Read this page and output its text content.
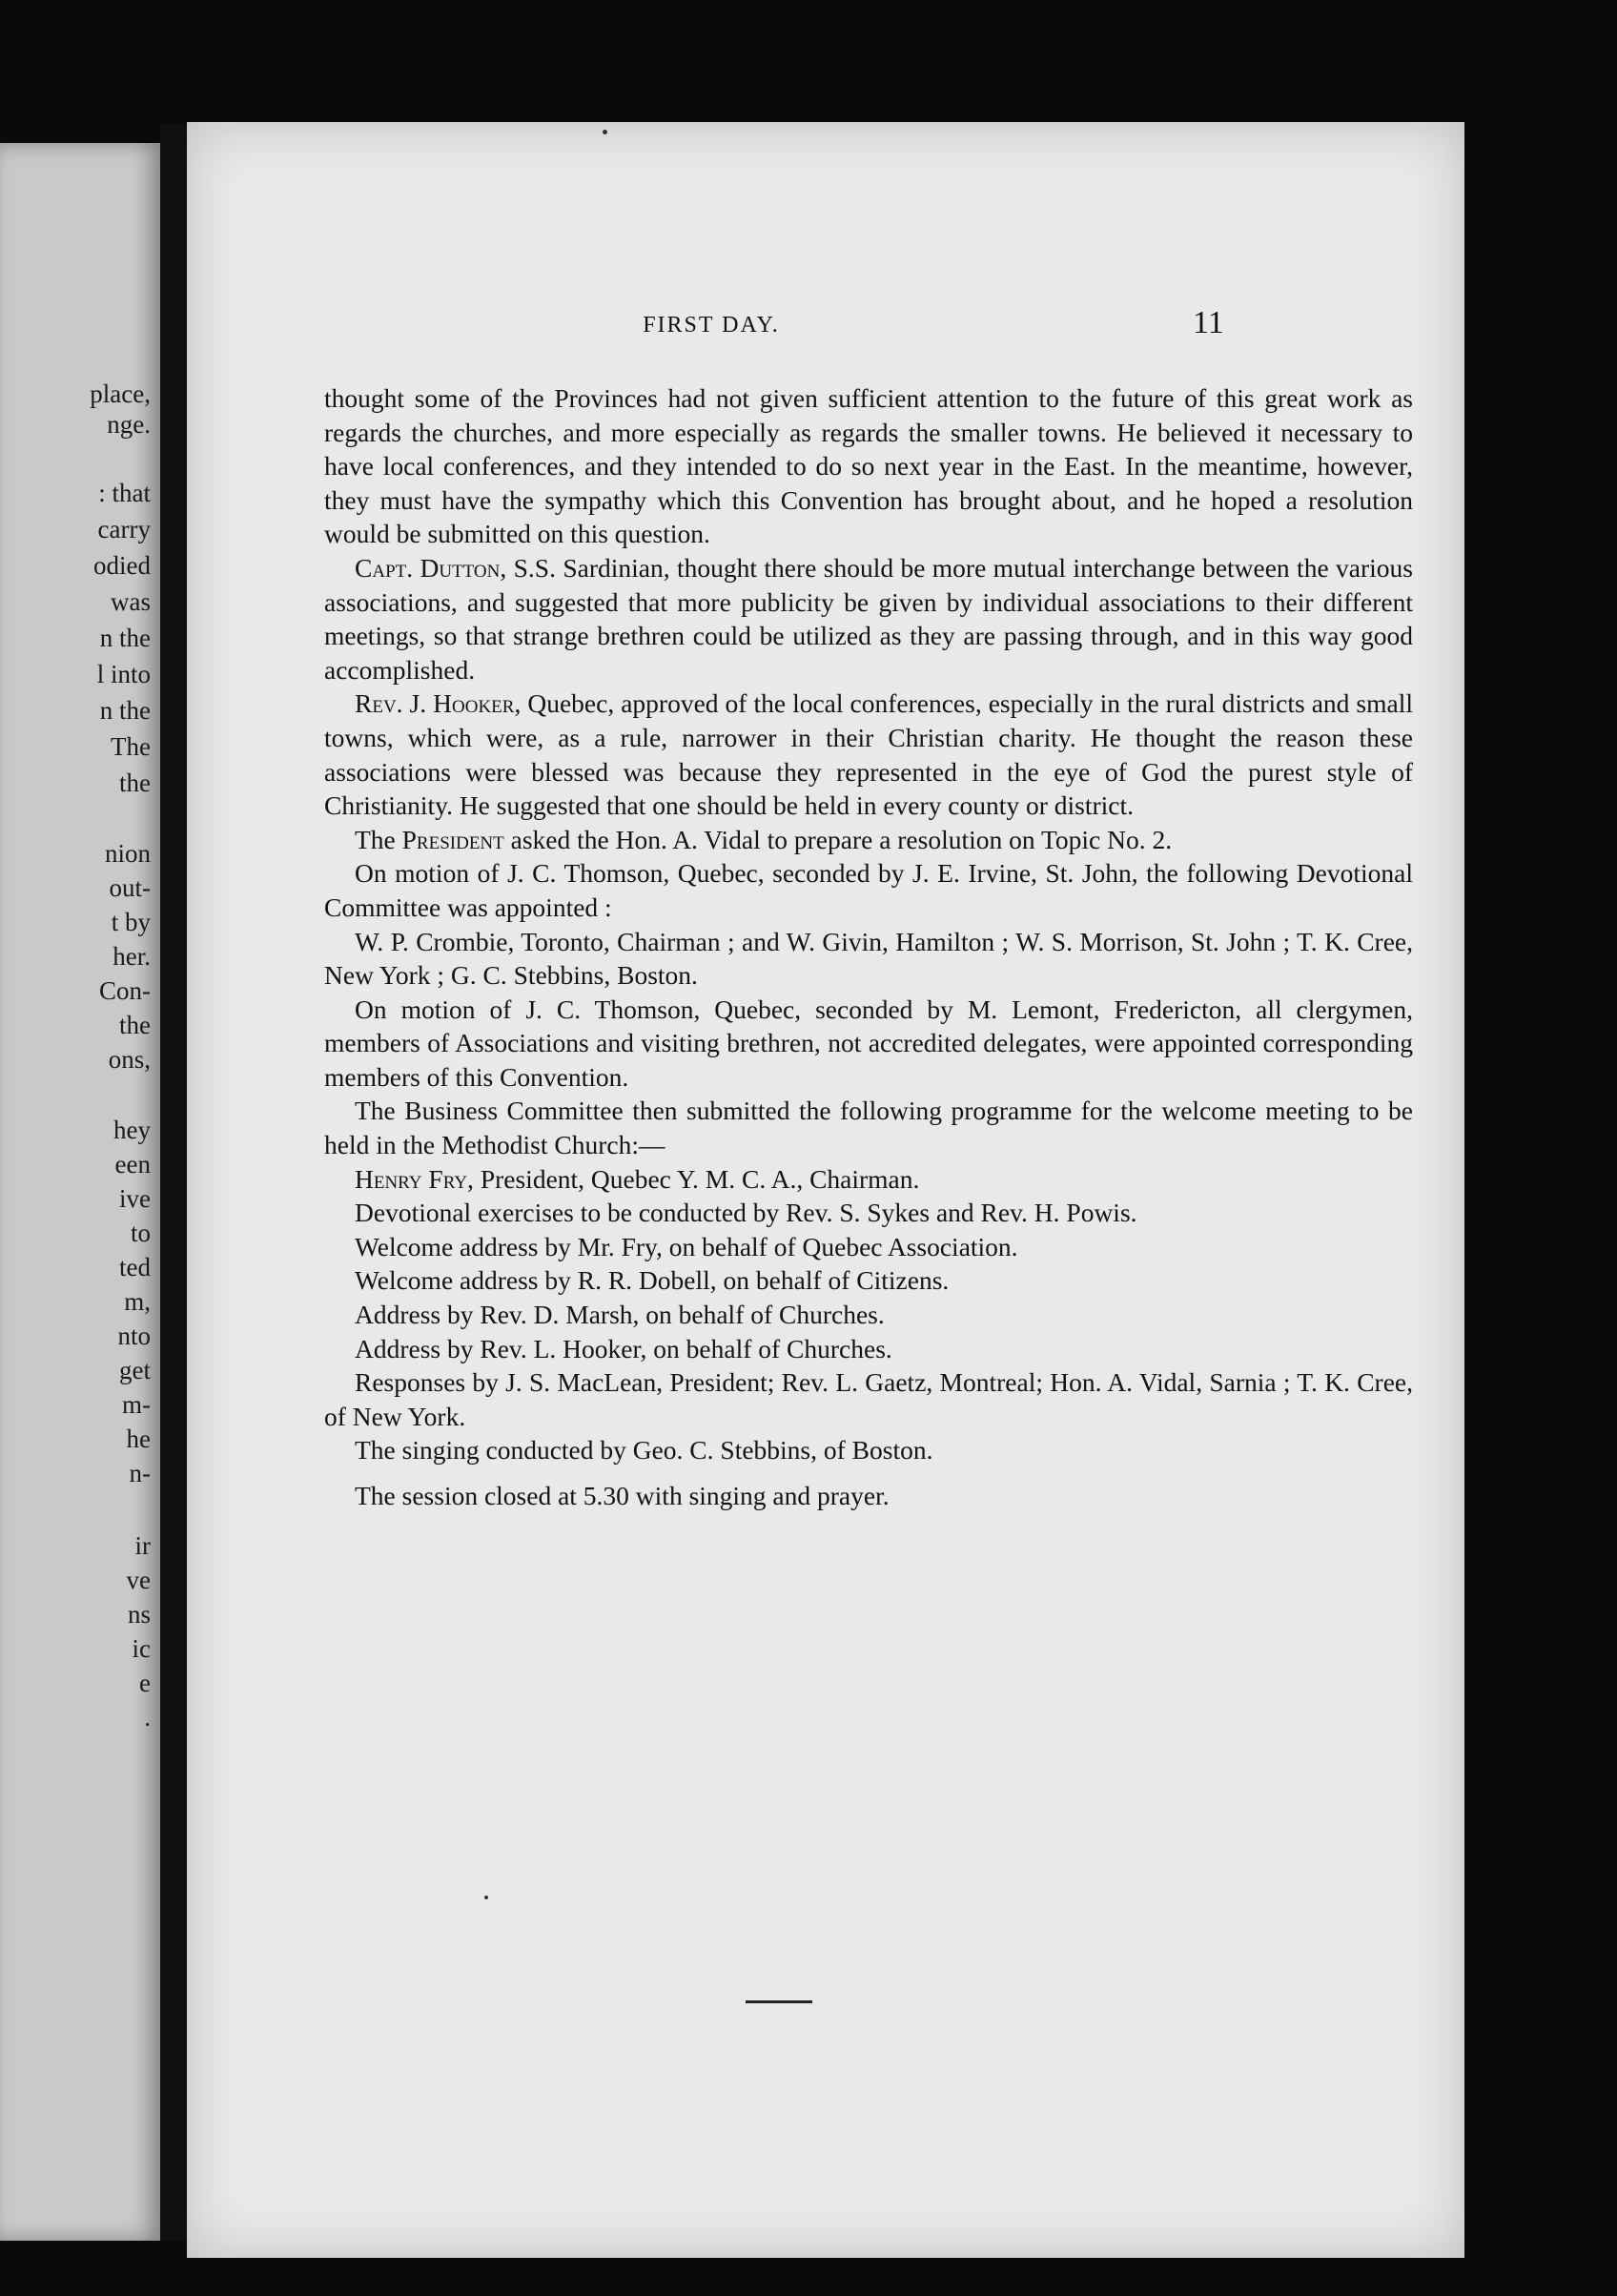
place,
nge.
: that
carry
odied
was
n the
l into
n the
The
the
nion
out-
t by
her.
Con-
the
ons,
hey
een
ive
to
ted
m,
nto
get
m-
he
n-
ir
ve
ns
ic
e
.
FIRST DAY.	11

thought some of the Provinces had not given sufficient attention to the future of this great work as regards the churches, and more especially as regards the smaller towns. He believed it necessary to have local conferences, and they intended to do so next year in the East. In the meantime, however, they must have the sympathy which this Convention has brought about, and he hoped a resolution would be submitted on this question.

Capt. Dutton, S.S. Sardinian, thought there should be more mutual interchange between the various associations, and suggested that more publicity be given by individual associations to their different meetings, so that strange brethren could be utilized as they are passing through, and in this way good accomplished.

Rev. J. Hooker, Quebec, approved of the local conferences, especially in the rural districts and small towns, which were, as a rule, narrower in their Christian charity. He thought the reason these associations were blessed was because they represented in the eye of God the purest style of Christianity. He suggested that one should be held in every county or district.

The President asked the Hon. A. Vidal to prepare a resolution on Topic No. 2.

On motion of J. C. Thomson, Quebec, seconded by J. E. Irvine, St. John, the following Devotional Committee was appointed :

W. P. Crombie, Toronto, Chairman ; and W. Givin, Hamilton ; W. S. Morrison, St. John ; T. K. Cree, New York ; G. C. Stebbins, Boston.

On motion of J. C. Thomson, Quebec, seconded by M. Lemont, Fredericton, all clergymen, members of Associations and visiting brethren, not accredited delegates, were appointed corresponding members of this Convention.

The Business Committee then submitted the following programme for the welcome meeting to be held in the Methodist Church:—

Henry Fry, President, Quebec Y. M. C. A., Chairman.

Devotional exercises to be conducted by Rev. S. Sykes and Rev. H. Powis.

Welcome address by Mr. Fry, on behalf of Quebec Association.

Welcome address by R. R. Dobell, on behalf of Citizens.

Address by Rev. D. Marsh, on behalf of Churches.

Address by Rev. L. Hooker, on behalf of Churches.

Responses by J. S. MacLean, President; Rev. L. Gaetz, Montreal; Hon. A. Vidal, Sarnia ; T. K. Cree, of New York.

The singing conducted by Geo. C. Stebbins, of Boston.

The session closed at 5.30 with singing and prayer.
